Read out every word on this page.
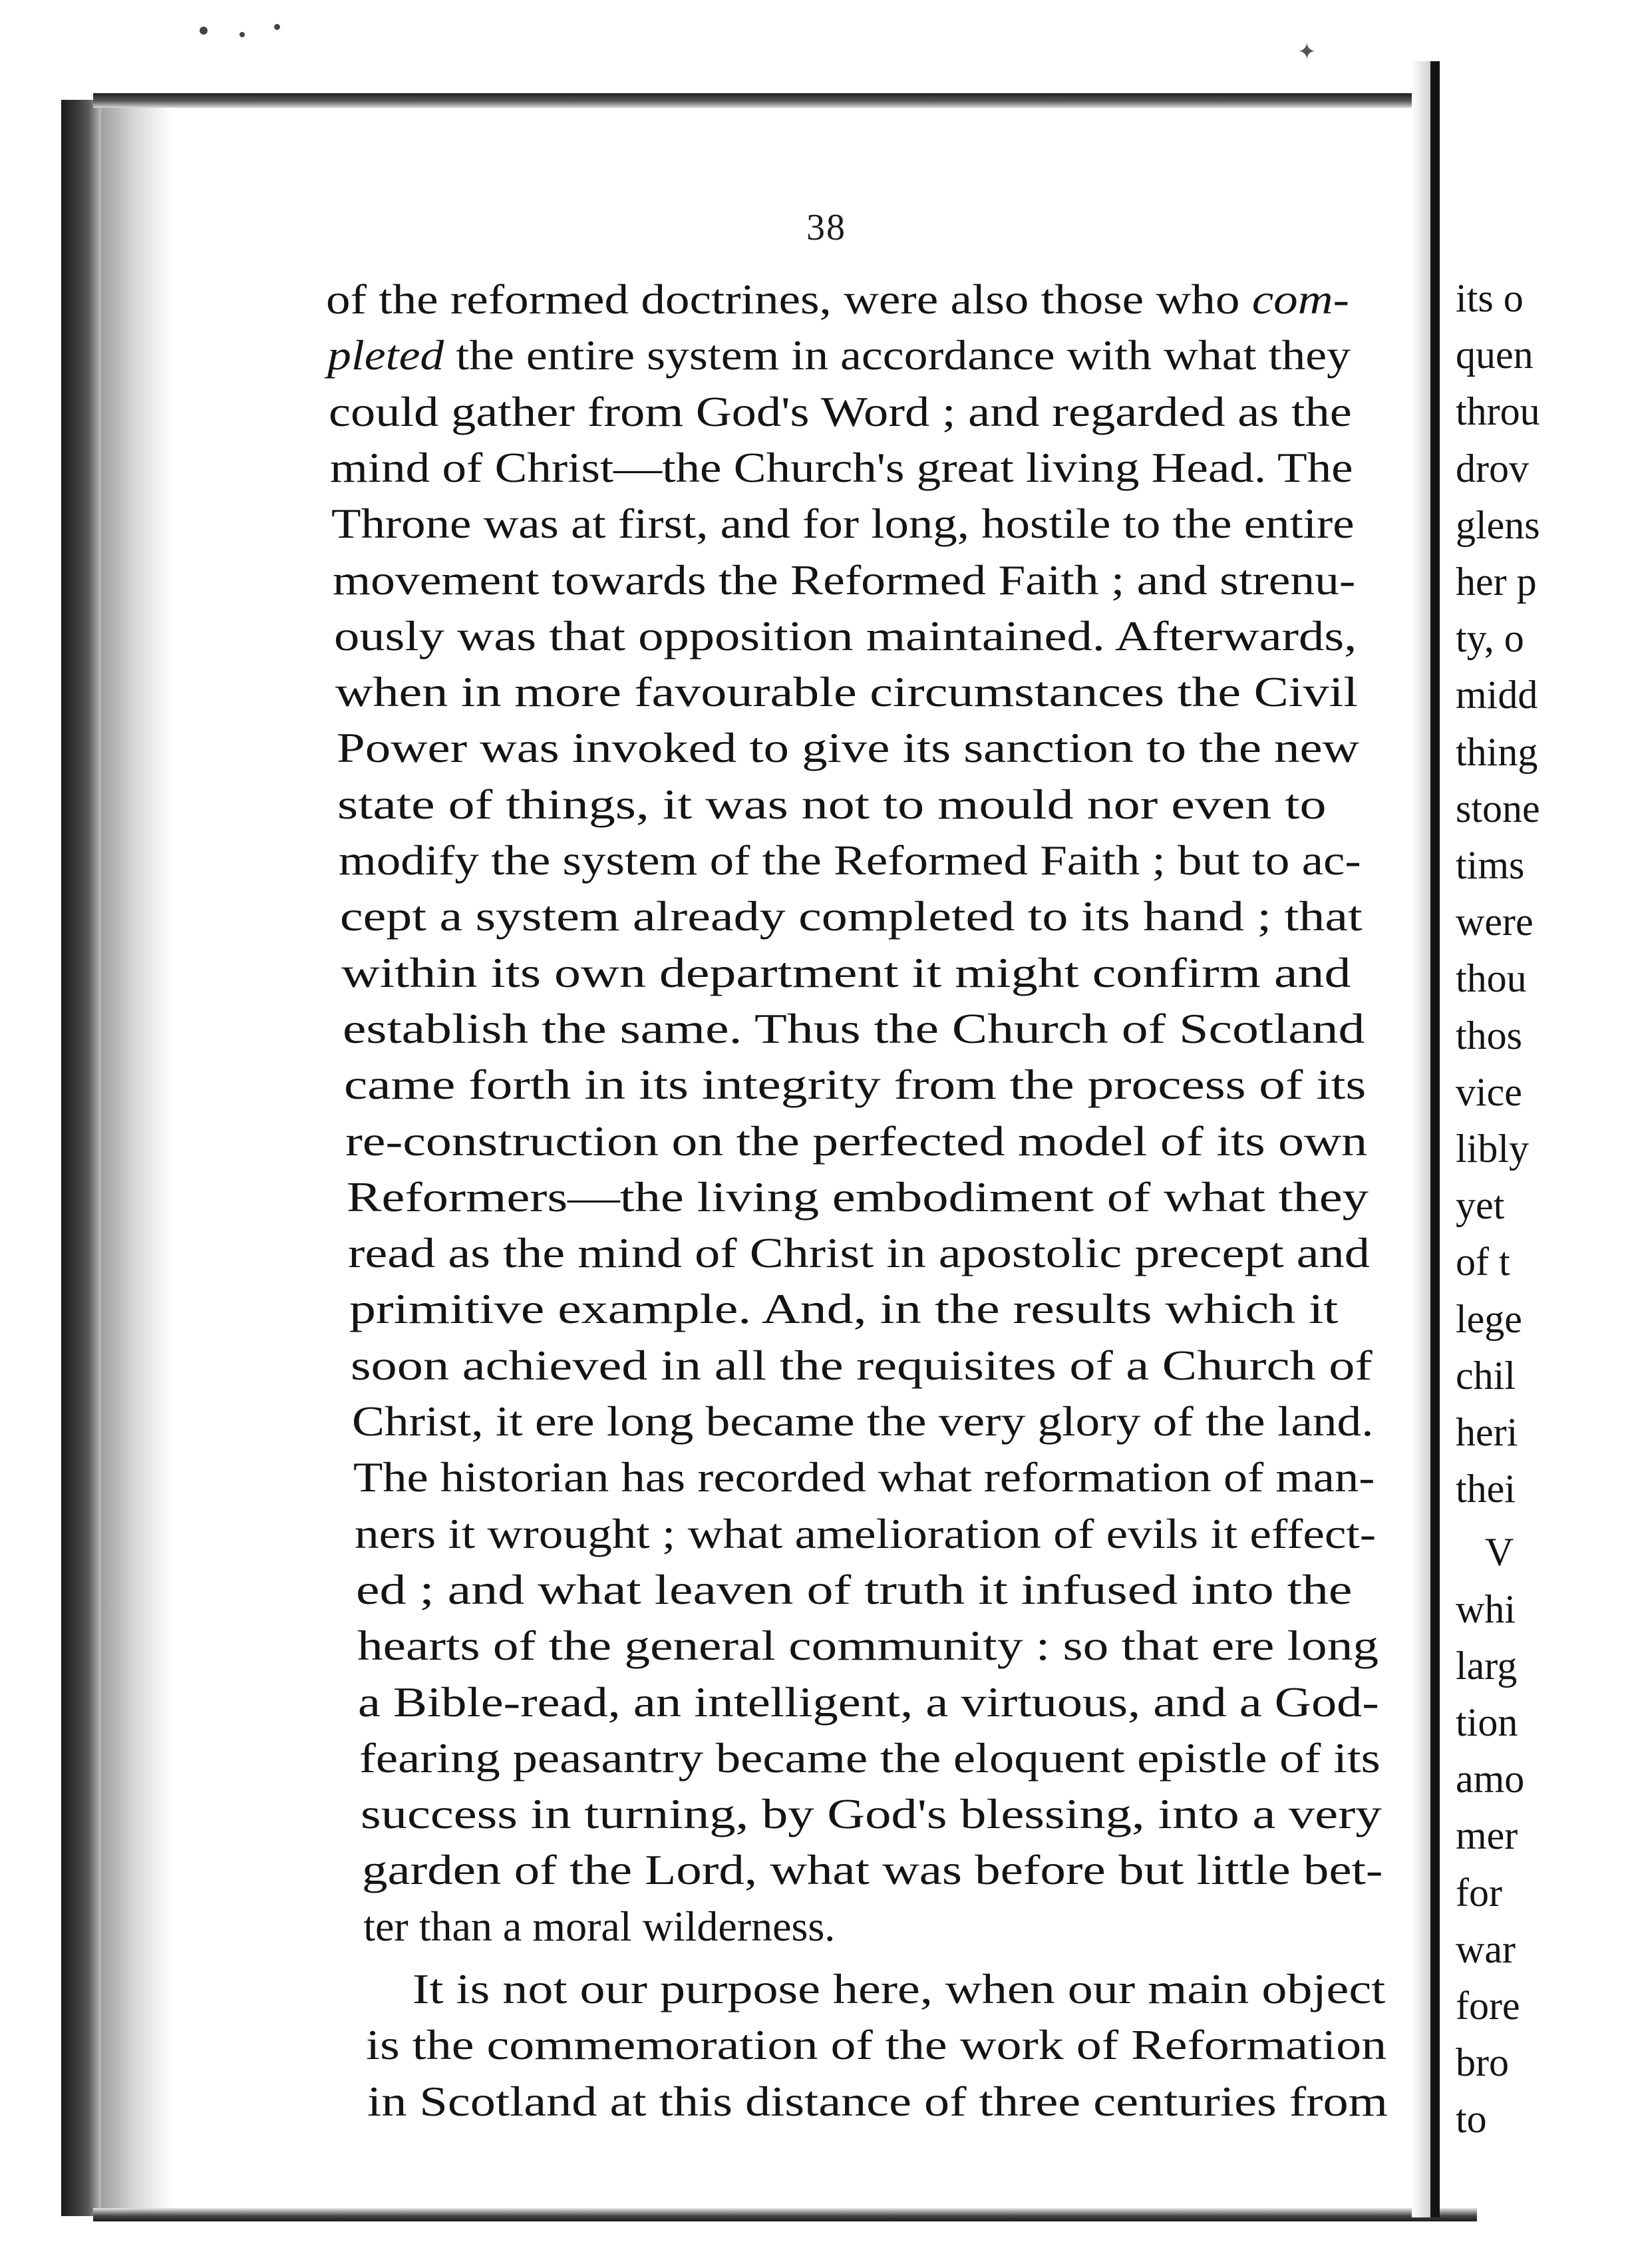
✦
38
of the reformed doctrines, were also those who com-
pleted the entire system in accordance with what they
could gather from God's Word ; and regarded as the
mind of Christ—the Church's great living Head. The
Throne was at first, and for long, hostile to the entire
movement towards the Reformed Faith ; and strenu-
ously was that opposition maintained. Afterwards,
when in more favourable circumstances the Civil
Power was invoked to give its sanction to the new
state of things, it was not to mould nor even to
modify the system of the Reformed Faith ; but to ac-
cept a system already completed to its hand ; that
within its own department it might confirm and
establish the same. Thus the Church of Scotland
came forth in its integrity from the process of its
re-construction on the perfected model of its own
Reformers—the living embodiment of what they
read as the mind of Christ in apostolic precept and
primitive example. And, in the results which it
soon achieved in all the requisites of a Church of
Christ, it ere long became the very glory of the land.
The historian has recorded what reformation of man-
ners it wrought ; what amelioration of evils it effect-
ed ; and what leaven of truth it infused into the
hearts of the general community : so that ere long
a Bible-read, an intelligent, a virtuous, and a God-
fearing peasantry became the eloquent epistle of its
success in turning, by God's blessing, into a very
garden of the Lord, what was before but little bet-
ter than a moral wilderness.
It is not our purpose here, when our main object
is the commemoration of the work of Reformation
in Scotland at this distance of three centuries from
its o
quen
throu
drov
glens
her p
ty, o
midd
thing
stone
tims
were
thou
thos
vice
libly
yet
of t
lege
chil
heri
thei
V
whi
larg
tion
amo
mer
for
war
fore
bro
to
